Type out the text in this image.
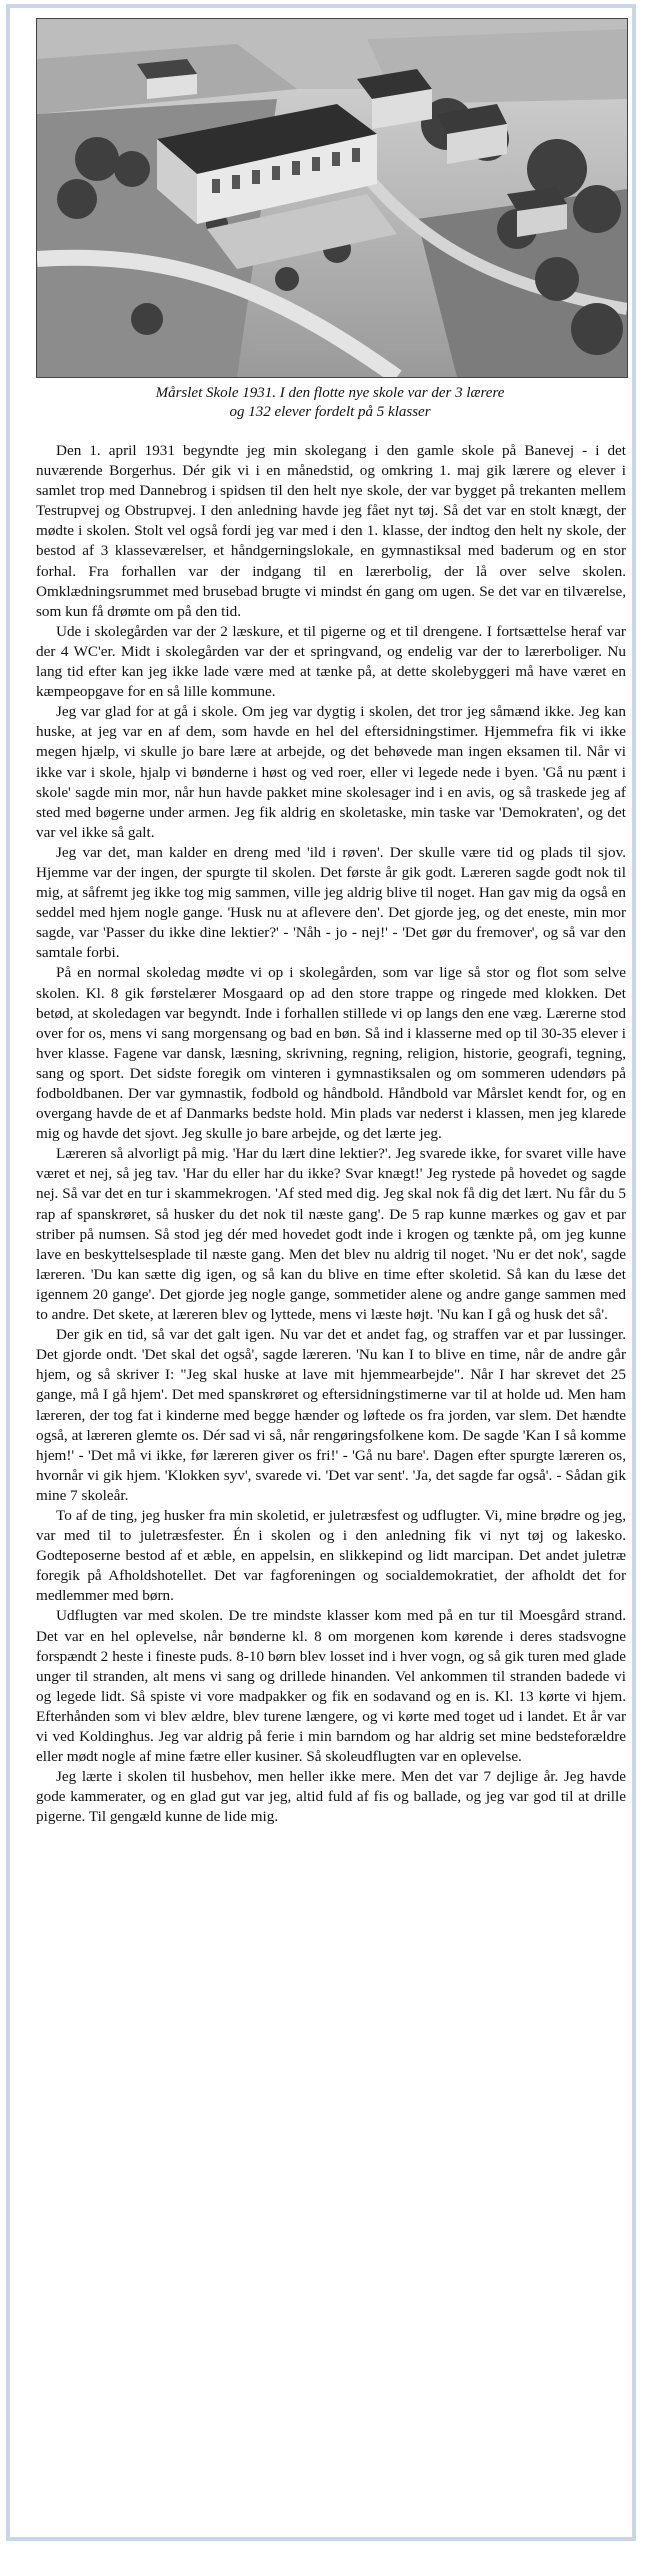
Mårslet Skole 1931. I den flotte nye skole var der 3 lærere
og 132 elever fordelt på 5 klasser

Den 1. april 1931 begyndte jeg min skolegang i den gamle skole på Banevej - i det nuværende Borgerhus. Dér gik vi i en månedstid, og omkring 1. maj gik lærere og elever i samlet trop med Dannebrog i spidsen til den helt nye skole, der var bygget på trekanten mellem Testrupvej og Obstrupvej. I den anledning havde jeg fået nyt tøj. Så det var en stolt knægt, der mødte i skolen. Stolt vel også fordi jeg var med i den 1. klasse, der indtog den helt ny skole, der bestod af 3 klasseværelser, et håndgerningslokale, en gymnastiksal med baderum og en stor forhal. Fra forhallen var der indgang til en lærerbolig, der lå over selve skolen. Omklædningsrummet med brusebad brugte vi mindst én gang om ugen. Se det var en tilværelse, som kun få drømte om på den tid.

Ude i skolegården var der 2 læskure, et til pigerne og et til drengene. I fortsættelse heraf var der 4 WC'er. Midt i skolegården var der et springvand, og endelig var der to lærerboliger. Nu lang tid efter kan jeg ikke lade være med at tænke på, at dette skolebyggeri må have været en kæmpeopgave for en så lille kommune.

Jeg var glad for at gå i skole. Om jeg var dygtig i skolen, det tror jeg såmænd ikke. Jeg kan huske, at jeg var en af dem, som havde en hel del eftersidningstimer. Hjemmefra fik vi ikke megen hjælp, vi skulle jo bare lære at arbejde, og det behøvede man ingen eksamen til. Når vi ikke var i skole, hjalp vi bønderne i høst og ved roer, eller vi legede nede i byen. 'Gå nu pænt i skole' sagde min mor, når hun havde pakket mine skolesager ind i en avis, og så traskede jeg af sted med bøgerne under armen. Jeg fik aldrig en skoletaske, min taske var 'Demokraten', og det var vel ikke så galt.

Jeg var det, man kalder en dreng med 'ild i røven'. Der skulle være tid og plads til sjov. Hjemme var der ingen, der spurgte til skolen. Det første år gik godt. Læreren sagde godt nok til mig, at såfremt jeg ikke tog mig sammen, ville jeg aldrig blive til noget. Han gav mig da også en seddel med hjem nogle gange. 'Husk nu at aflevere den'. Det gjorde jeg, og det eneste, min mor sagde, var 'Passer du ikke dine lektier?' - 'Nåh - jo - nej!' - 'Det gør du fremover', og så var den samtale forbi.

På en normal skoledag mødte vi op i skolegården, som var lige så stor og flot som selve skolen. Kl. 8 gik førstelærer Mosgaard op ad den store trappe og ringede med klokken. Det betød, at skoledagen var begyndt. Inde i forhallen stillede vi op langs den ene væg. Lærerne stod over for os, mens vi sang morgensang og bad en bøn. Så ind i klasserne med op til 30-35 elever i hver klasse. Fagene var dansk, læsning, skrivning, regning, religion, historie, geografi, tegning, sang og sport. Det sidste foregik om vinteren i gymnastiksalen og om sommeren udendørs på fodboldbanen. Der var gymnastik, fodbold og håndbold. Håndbold var Mårslet kendt for, og en overgang havde de et af Danmarks bedste hold. Min plads var nederst i klassen, men jeg klarede mig og havde det sjovt. Jeg skulle jo bare arbejde, og det lærte jeg.

Læreren så alvorligt på mig. 'Har du lært dine lektier?'. Jeg svarede ikke, for svaret ville have været et nej, så jeg tav. 'Har du eller har du ikke? Svar knægt!' Jeg rystede på hovedet og sagde nej. Så var det en tur i skammekrogen. 'Af sted med dig. Jeg skal nok få dig det lært. Nu får du 5 rap af spanskrøret, så husker du det nok til næste gang'. De 5 rap kunne mærkes og gav et par striber på numsen. Så stod jeg dér med hovedet godt inde i krogen og tænkte på, om jeg kunne lave en beskyttelsesplade til næste gang. Men det blev nu aldrig til noget. 'Nu er det nok', sagde læreren. 'Du kan sætte dig igen, og så kan du blive en time efter skoletid. Så kan du læse det igennem 20 gange'. Det gjorde jeg nogle gange, sommetider alene og andre gange sammen med to andre. Det skete, at læreren blev og lyttede, mens vi læste højt. 'Nu kan I gå og husk det så'.

Der gik en tid, så var det galt igen. Nu var det et andet fag, og straffen var et par lussinger. Det gjorde ondt. 'Det skal det også', sagde læreren. 'Nu kan I to blive en time, når de andre går hjem, og så skriver I: "Jeg skal huske at lave mit hjemmearbejde". Når I har skrevet det 25 gange, må I gå hjem'. Det med spanskrøret og eftersidningstimerne var til at holde ud. Men ham læreren, der tog fat i kinderne med begge hænder og løftede os fra jorden, var slem. Det hændte også, at læreren glemte os. Dér sad vi så, når rengøringsfolkene kom. De sagde 'Kan I så komme hjem!' - 'Det må vi ikke, før læreren giver os fri!' - 'Gå nu bare'. Dagen efter spurgte læreren os, hvornår vi gik hjem. 'Klokken syv', svarede vi. 'Det var sent'. 'Ja, det sagde far også'. - Sådan gik mine 7 skoleår.

To af de ting, jeg husker fra min skoletid, er juletræsfest og udflugter. Vi, mine brødre og jeg, var med til to juletræsfester. Én i skolen og i den anledning fik vi nyt tøj og lakesko. Godteposerne bestod af et æble, en appelsin, en slikkepind og lidt marcipan. Det andet juletræ foregik på Afholdshotellet. Det var fagforeningen og socialdemokratiet, der afholdt det for medlemmer med børn.

Udflugten var med skolen. De tre mindste klasser kom med på en tur til Moesgård strand. Det var en hel oplevelse, når bønderne kl. 8 om morgenen kom kørende i deres stadsvogne forspændt 2 heste i fineste puds. 8-10 børn blev losset ind i hver vogn, og så gik turen med glade unger til stranden, alt mens vi sang og drillede hinanden. Vel ankommen til stranden badede vi og legede lidt. Så spiste vi vore madpakker og fik en sodavand og en is. Kl. 13 kørte vi hjem. Efterhånden som vi blev ældre, blev turene længere, og vi kørte med toget ud i landet. Et år var vi ved Koldinghus. Jeg var aldrig på ferie i min barndom og har aldrig set mine bedsteforældre eller mødt nogle af mine fætre eller kusiner. Så skoleudflugten var en oplevelse.

Jeg lærte i skolen til husbehov, men heller ikke mere. Men det var 7 dejlige år. Jeg havde gode kammerater, og en glad gut var jeg, altid fuld af fis og ballade, og jeg var god til at drille pigerne. Til gengæld kunne de lide mig.
